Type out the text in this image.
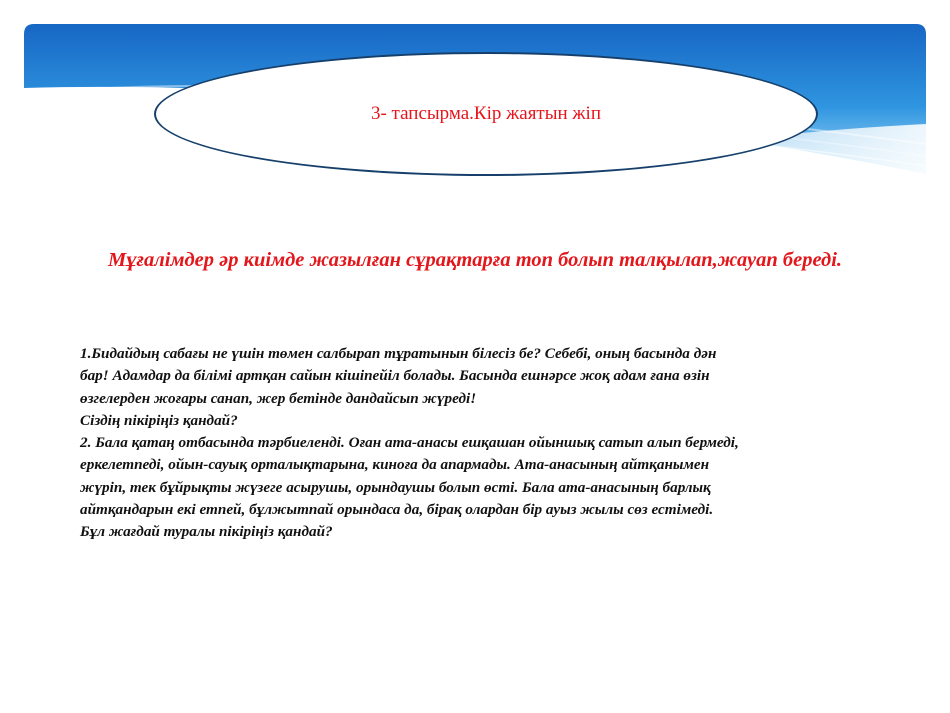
3- тапсырма.Кір жаятын жіп
Мұғалімдер әр киімде жазылған сұрақтарға топ болып талқылап,жауап береді.
1.Бидайдың сабағы не үшін төмен салбырап тұратынын білесіз бе? Себебі, оның басында дән
бар! Адамдар да білімі артқан сайын кішіпейіл болады. Басында ешнәрсе жоқ адам ғана өзін
өзгелерден жоғары санап, жер бетінде дандайсып жүреді!
Сіздің пікіріңіз қандай?
2. Бала қатаң отбасында тәрбиеленді. Оған ата-анасы ешқашан ойыншық сатып алып бермеді,
еркелетпеді, ойын-сауық орталықтарына, киноға да апармады. Ата-анасының айтқанымен
жүріп, тек бұйрықты жүзеге асырушы, орындаушы болып өсті. Бала ата-анасының барлық
айтқандарын екі етпей, бұлжытпай орындаса да, бірақ олардан бір ауыз жылы сөз естімеді.
Бұл жағдай туралы пікіріңіз қандай?
